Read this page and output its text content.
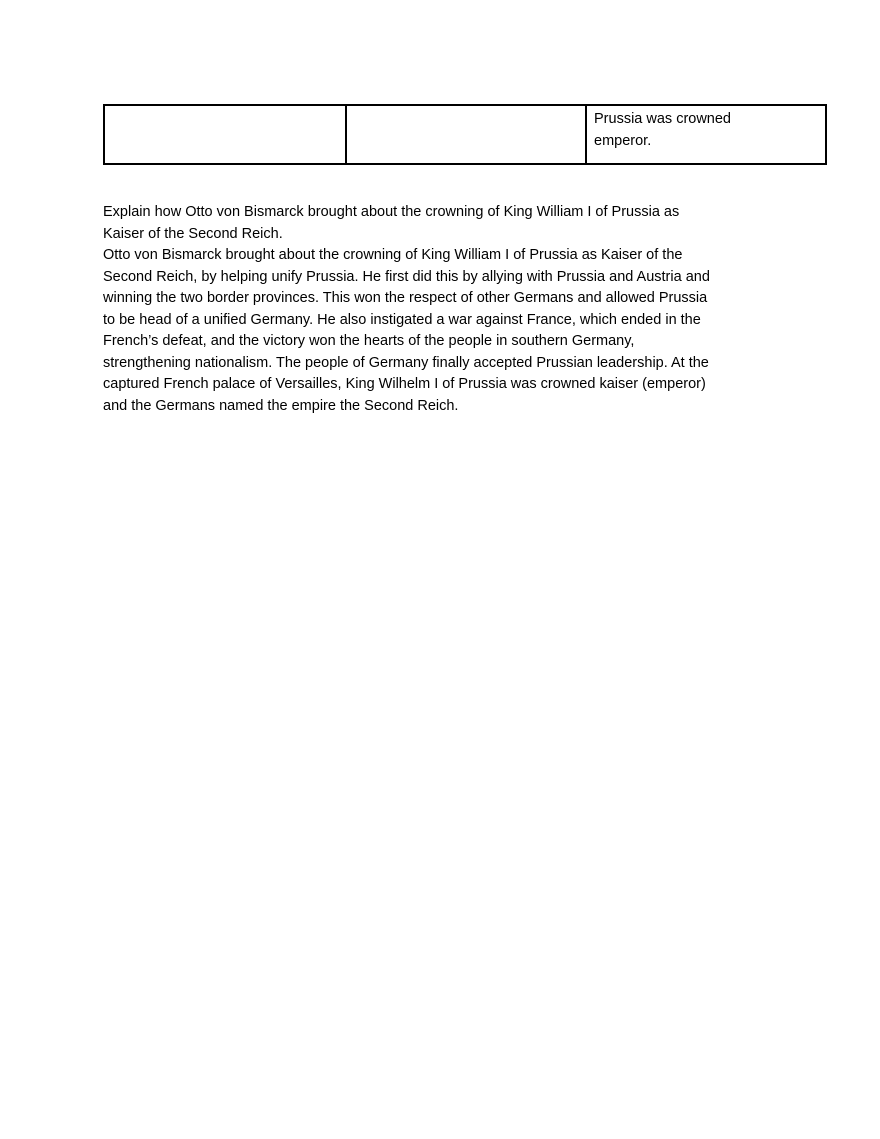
Prussia was crowned
emperor.
Explain how Otto von Bismarck brought about the crowning of King William I of Prussia as
Kaiser of the Second Reich.
Otto von Bismarck brought about the crowning of King William I of Prussia as Kaiser of the
Second Reich, by helping unify Prussia. He first did this by allying with Prussia and Austria and
winning the two border provinces. This won the respect of other Germans and allowed Prussia
to be head of a unified Germany. He also instigated a war against France, which ended in the
French’s defeat, and the victory won the hearts of the people in southern Germany,
strengthening nationalism. The people of Germany finally accepted Prussian leadership. At the
captured French palace of Versailles, King Wilhelm I of Prussia was crowned kaiser (emperor)
and the Germans named the empire the Second Reich.
